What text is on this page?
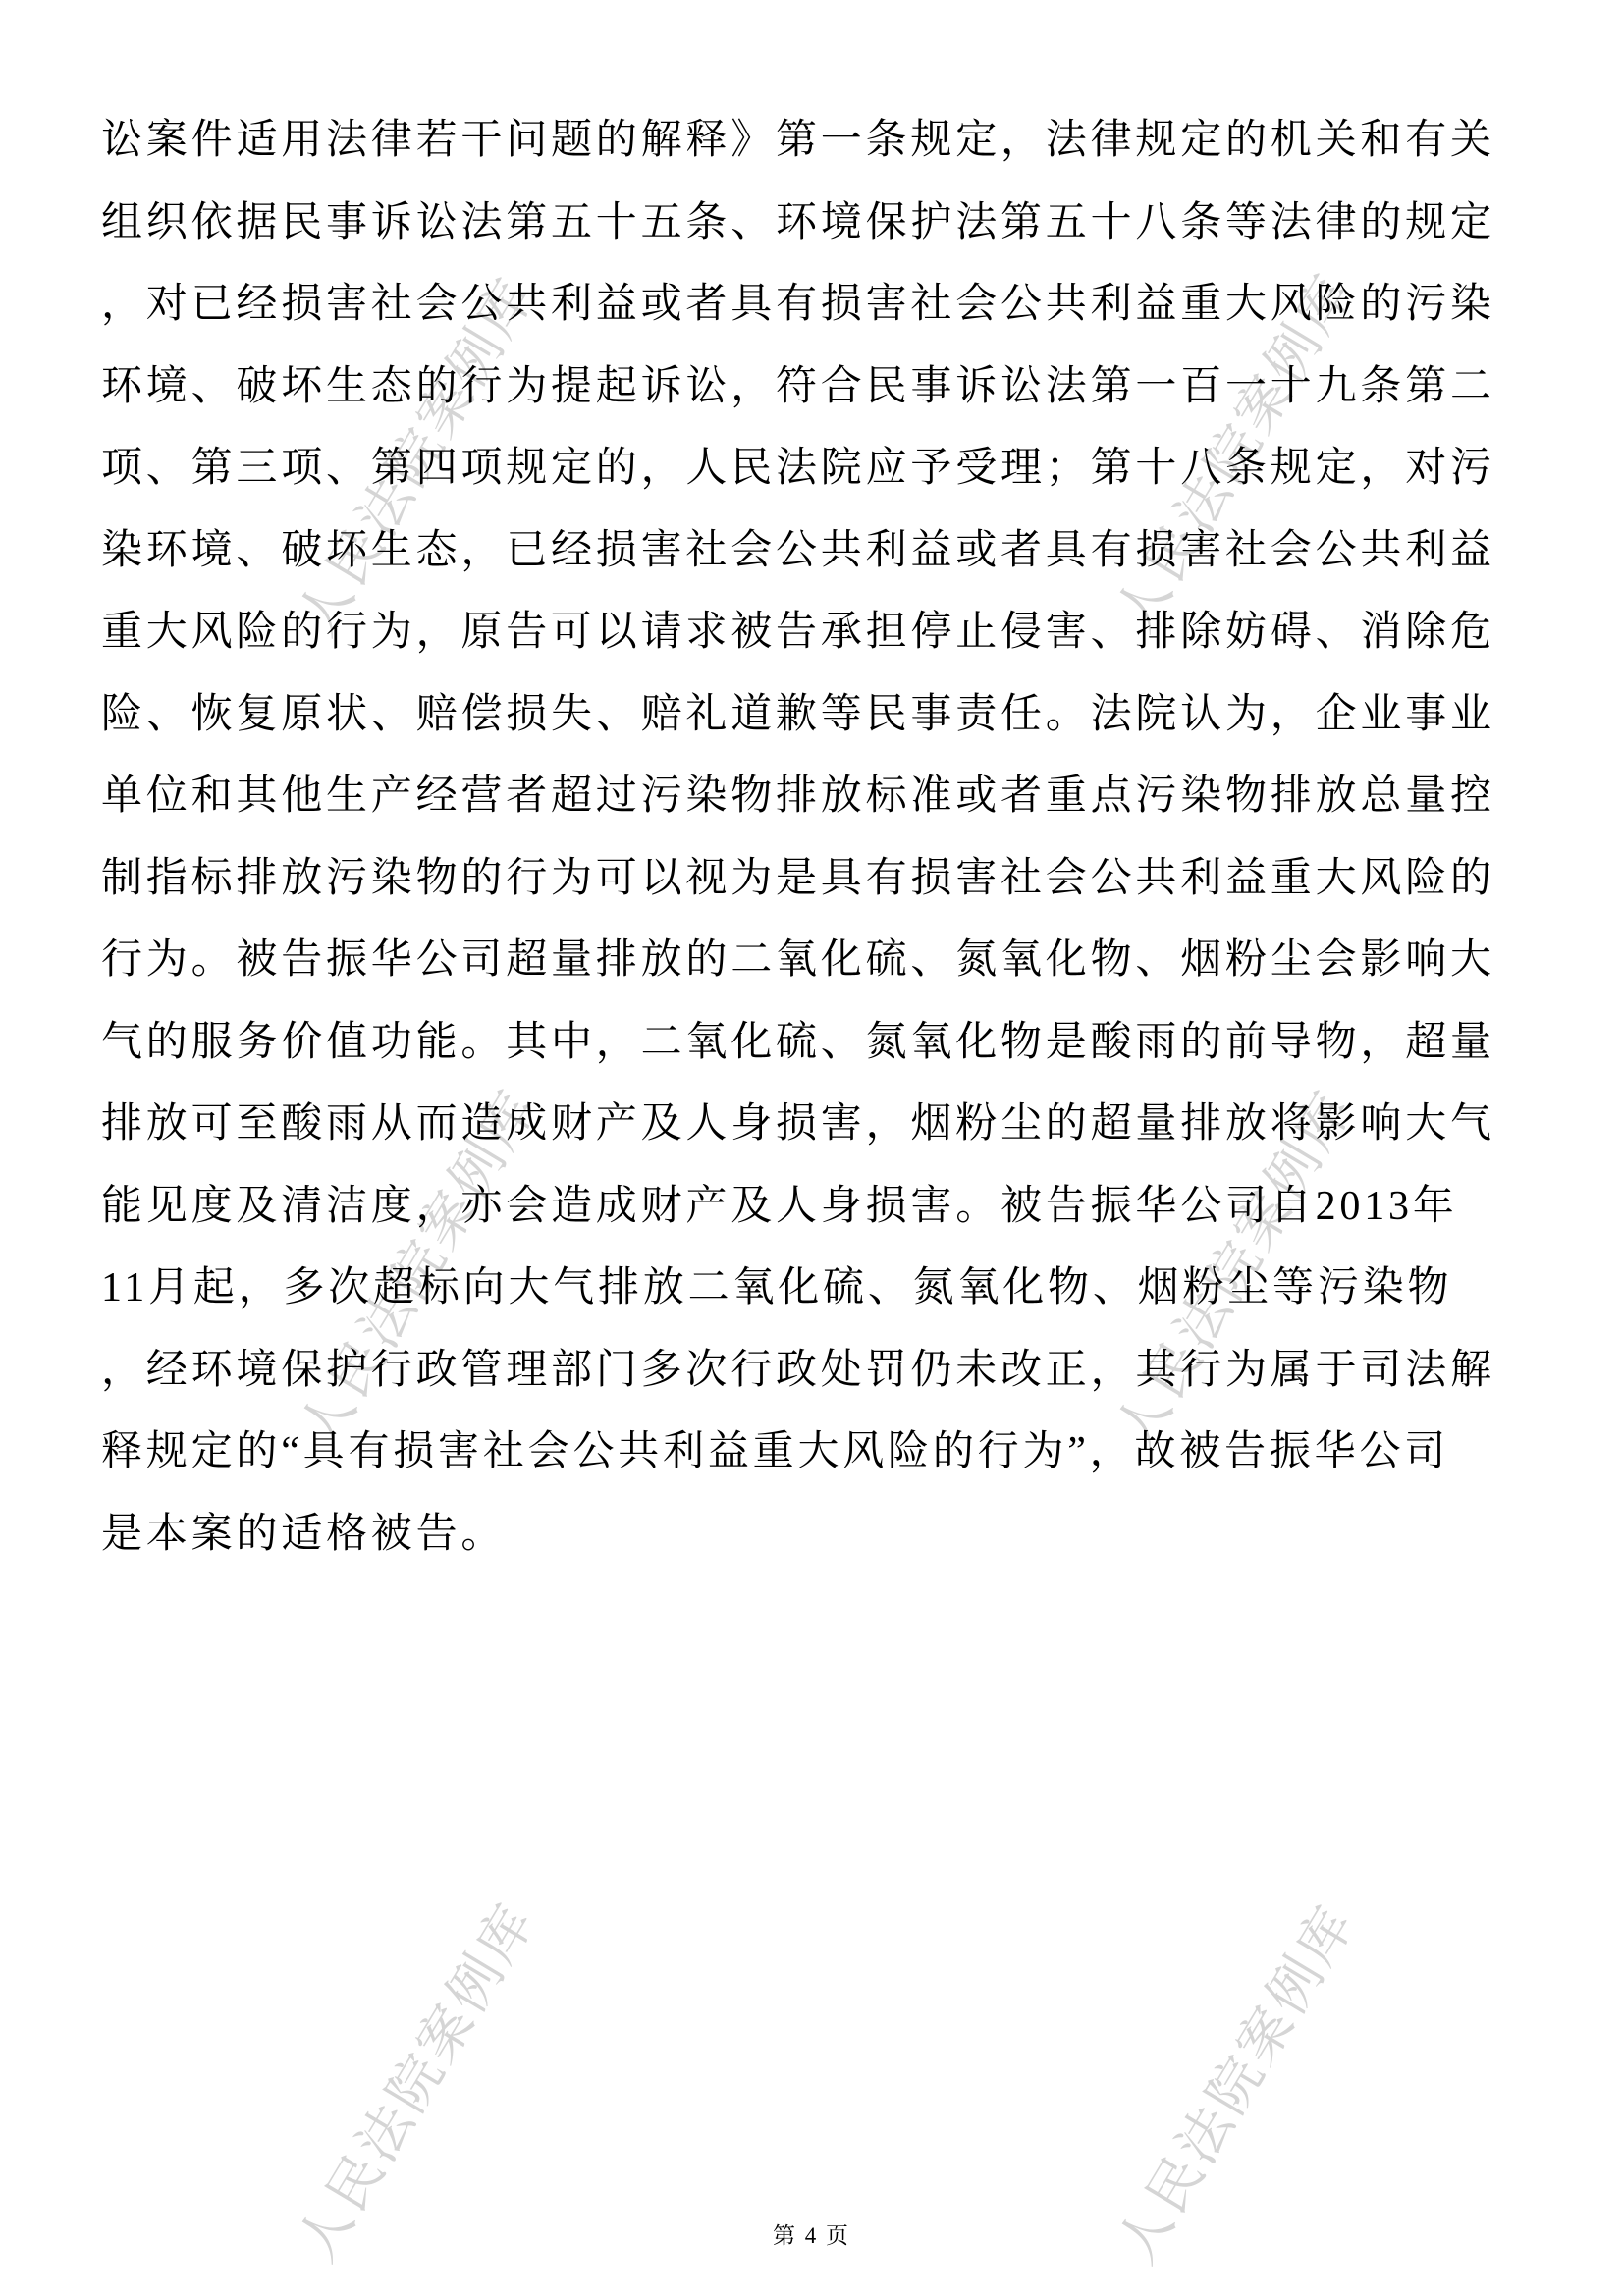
人民法院案例库	人民法院案例库
人民法院案例库	人民法院案例库
人民法院案例库	人民法院案例库
讼案件适用法律若干问题的解释》第一条规定，法律规定的机关和有关
组织依据民事诉讼法第五十五条、环境保护法第五十八条等法律的规定
，对已经损害社会公共利益或者具有损害社会公共利益重大风险的污染
环境、破坏生态的行为提起诉讼，符合民事诉讼法第一百一十九条第二
项、第三项、第四项规定的，人民法院应予受理；第十八条规定，对污
染环境、破坏生态，已经损害社会公共利益或者具有损害社会公共利益
重大风险的行为，原告可以请求被告承担停止侵害、排除妨碍、消除危
险、恢复原状、赔偿损失、赔礼道歉等民事责任。法院认为，企业事业
单位和其他生产经营者超过污染物排放标准或者重点污染物排放总量控
制指标排放污染物的行为可以视为是具有损害社会公共利益重大风险的
行为。被告振华公司超量排放的二氧化硫、氮氧化物、烟粉尘会影响大
气的服务价值功能。其中，二氧化硫、氮氧化物是酸雨的前导物，超量
排放可至酸雨从而造成财产及人身损害，烟粉尘的超量排放将影响大气
能见度及清洁度，亦会造成财产及人身损害。被告振华公司自2013年
11月起，多次超标向大气排放二氧化硫、氮氧化物、烟粉尘等污染物
，经环境保护行政管理部门多次行政处罚仍未改正，其行为属于司法解
释规定的“具有损害社会公共利益重大风险的行为”，故被告振华公司
是本案的适格被告。
第 4 页
